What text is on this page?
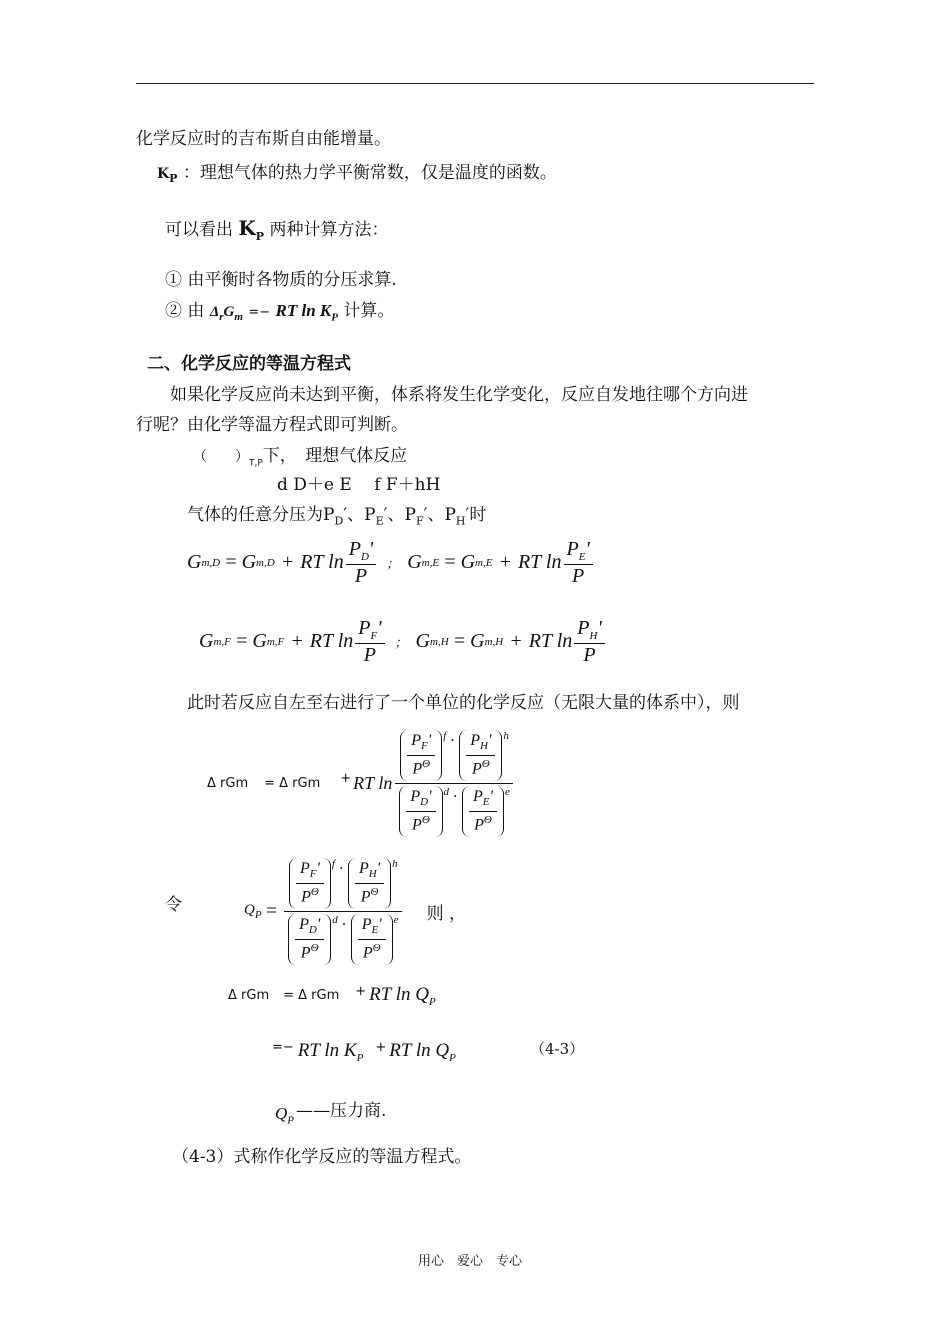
化学反应时的吉布斯自由能增量。
$K_P$ ：理想气体的热力学平衡常数，仅是温度的函数。
可以看出 $K_P$ 两种计算方法：
① 由平衡时各物质的分压求算.
② 由 $\Delta_rG_m$ =− RT $\ln K_P$ 计算。
二、化学反应的等温方程式
如果化学反应尚未达到平衡，体系将发生化学变化，反应自发地往哪个方向进
行呢？由化学等温方程式即可判断。
（　　）$_{T,P}$下，　理想气体反应
d D＋e E　 f F＋hH
气体的任意分压为$P_D'$、$P_E'$、$P_F'$、$P_H'$时
G m,D = G m,D + RT $\ln \frac{P_D'}{P}$ ； G m,E = G m,E + RT $\ln \frac{P_E'}{P}$
G m,F = G m,F + RT $\ln \frac{P_F'}{P}$ ； G m,H = G m,H + RT $\ln \frac{P_H'}{P}$
此时若反应自左至右进行了一个单位的化学反应（无限大量的体系中），则
Δ rGm = Δ rGm + RT $\ln \frac{\frac{P_F'}{P^\Theta} ^f \cdot \frac{P_H'}{P^\Theta} ^h}{\frac{P_D'}{P^\Theta} ^d \cdot \frac{P_E'}{P^\Theta} ^e}$
令	$Q_P = \frac{\frac{P_F'}{P^\Theta} ^f \cdot \frac{P_H'}{P^\Theta} ^h}{\frac{P_D'}{P^\Theta} ^d \cdot \frac{P_E'}{P^\Theta} ^e}$ 则 ，
Δ rGm = Δ rGm + RT $\ln Q_P$
=− RT $\ln K_P$
+ RT $\ln Q_P$	（4-3）
$Q_P$ ——压力商.
（4-3）式称作化学反应的等温方程式。
用心　爱心　专心
